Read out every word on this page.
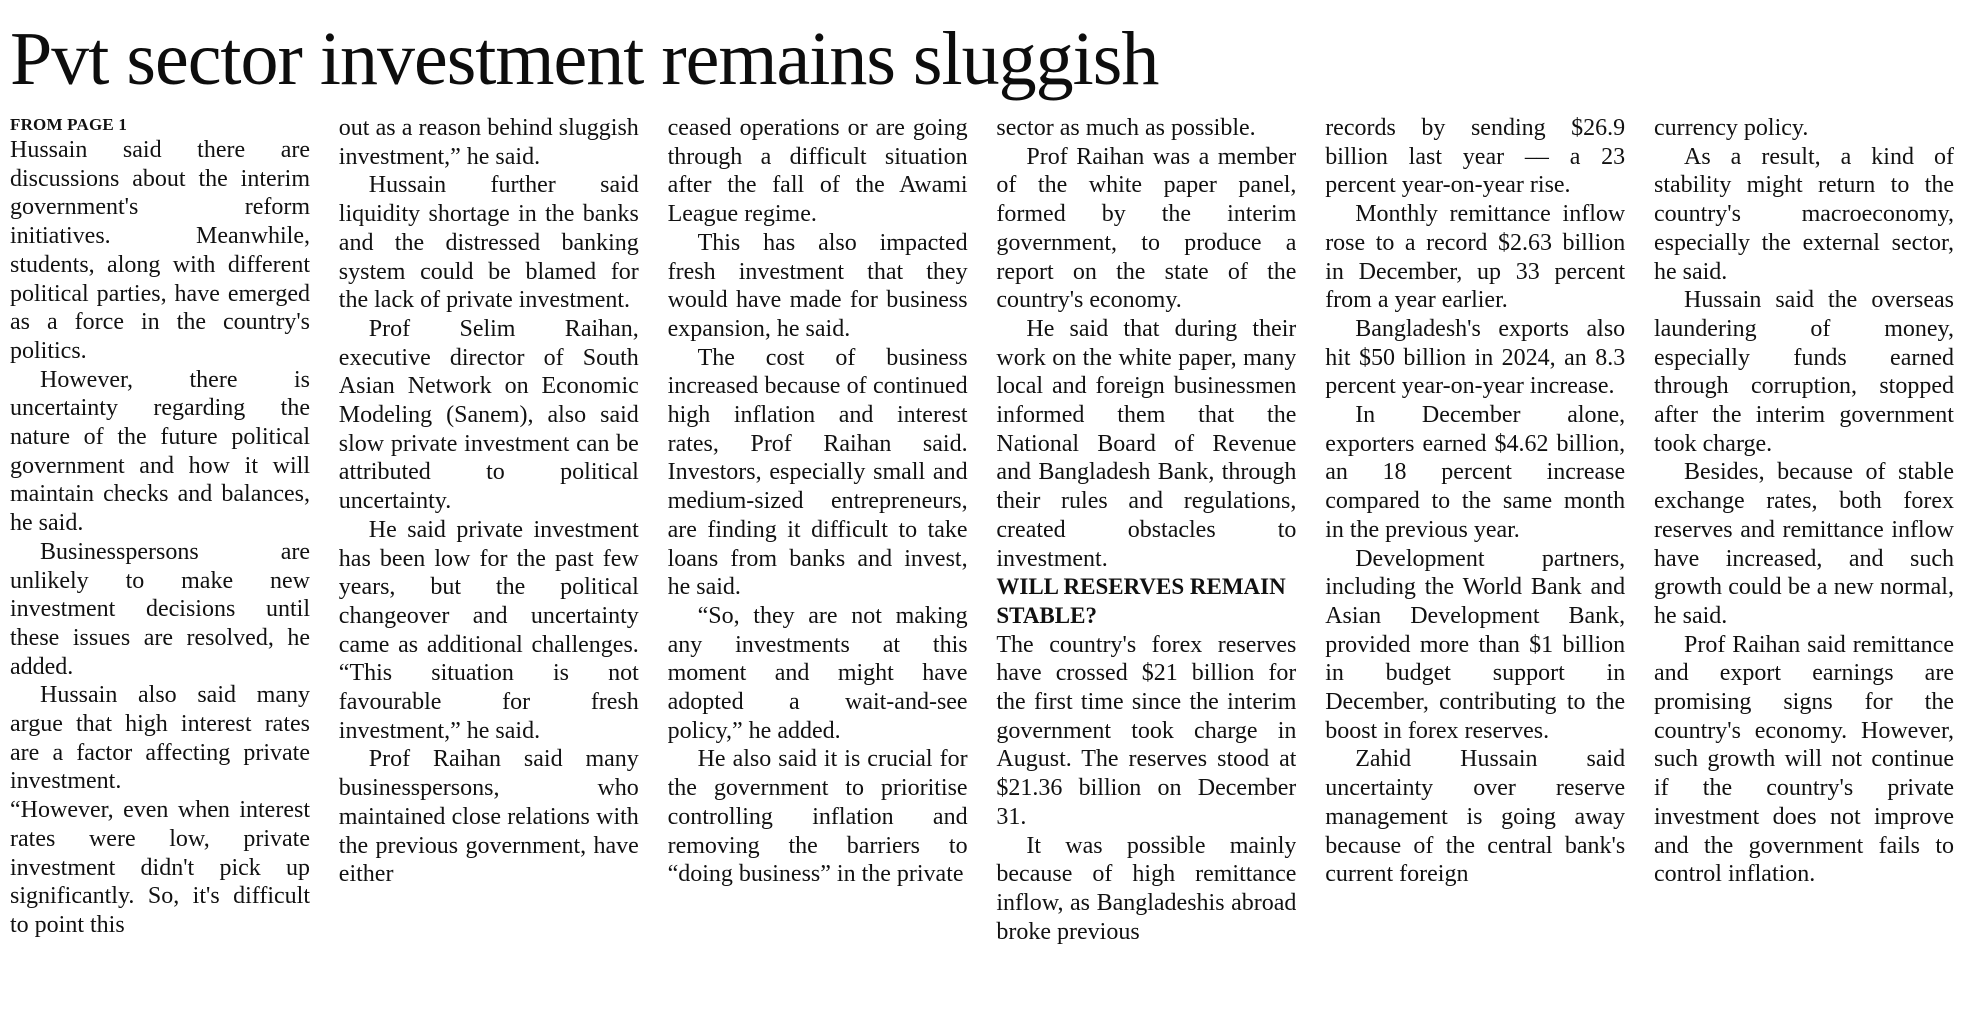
Pvt sector investment remains sluggish
FROM PAGE 1

Hussain said there are discussions about the interim government's reform initiatives. Meanwhile, students, along with different political parties, have emerged as a force in the country's politics.

However, there is uncertainty regarding the nature of the future political government and how it will maintain checks and balances, he said.

Businesspersons are unlikely to make new investment decisions until these issues are resolved, he added.

Hussain also said many argue that high interest rates are a factor affecting private investment.

“However, even when interest rates were low, private investment didn't pick up significantly. So, it's difficult to point this

out as a reason behind sluggish investment,” he said.

Hussain further said liquidity shortage in the banks and the distressed banking system could be blamed for the lack of private investment.

Prof Selim Raihan, executive director of South Asian Network on Economic Modeling (Sanem), also said slow private investment can be attributed to political uncertainty.

He said private investment has been low for the past few years, but the political changeover and uncertainty came as additional challenges. “This situation is not favourable for fresh investment,” he said.

Prof Raihan said many businesspersons, who maintained close relations with the previous government, have either

ceased operations or are going through a difficult situation after the fall of the Awami League regime.

This has also impacted fresh investment that they would have made for business expansion, he said.

The cost of business increased because of continued high inflation and interest rates, Prof Raihan said. Investors, especially small and medium-sized entrepreneurs, are finding it difficult to take loans from banks and invest, he said.

“So, they are not making any investments at this moment and might have adopted a wait-and-see policy,” he added.

He also said it is crucial for the government to prioritise controlling inflation and removing the barriers to “doing business” in the private

sector as much as possible.

Prof Raihan was a member of the white paper panel, formed by the interim government, to produce a report on the state of the country's economy.

He said that during their work on the white paper, many local and foreign businessmen informed them that the National Board of Revenue and Bangladesh Bank, through their rules and regulations, created obstacles to investment.

WILL RESERVES REMAIN STABLE?

The country's forex reserves have crossed $21 billion for the first time since the interim government took charge in August. The reserves stood at $21.36 billion on December 31.

It was possible mainly because of high remittance inflow, as Bangladeshis abroad broke previous

records by sending $26.9 billion last year –– a 23 percent year-on-year rise.

Monthly remittance inflow rose to a record $2.63 billion in December, up 33 percent from a year earlier.

Bangladesh's exports also hit $50 billion in 2024, an 8.3 percent year-on-year increase.

In December alone, exporters earned $4.62 billion, an 18 percent increase compared to the same month in the previous year.

Development partners, including the World Bank and Asian Development Bank, provided more than $1 billion in budget support in December, contributing to the boost in forex reserves.

Zahid Hussain said uncertainty over reserve management is going away because of the central bank's current foreign

currency policy.

As a result, a kind of stability might return to the country's macroeconomy, especially the external sector, he said.

Hussain said the overseas laundering of money, especially funds earned through corruption, stopped after the interim government took charge.

Besides, because of stable exchange rates, both forex reserves and remittance inflow have increased, and such growth could be a new normal, he said.

Prof Raihan said remittance and export earnings are promising signs for the country's economy. However, such growth will not continue if the country's private investment does not improve and the government fails to control inflation.
